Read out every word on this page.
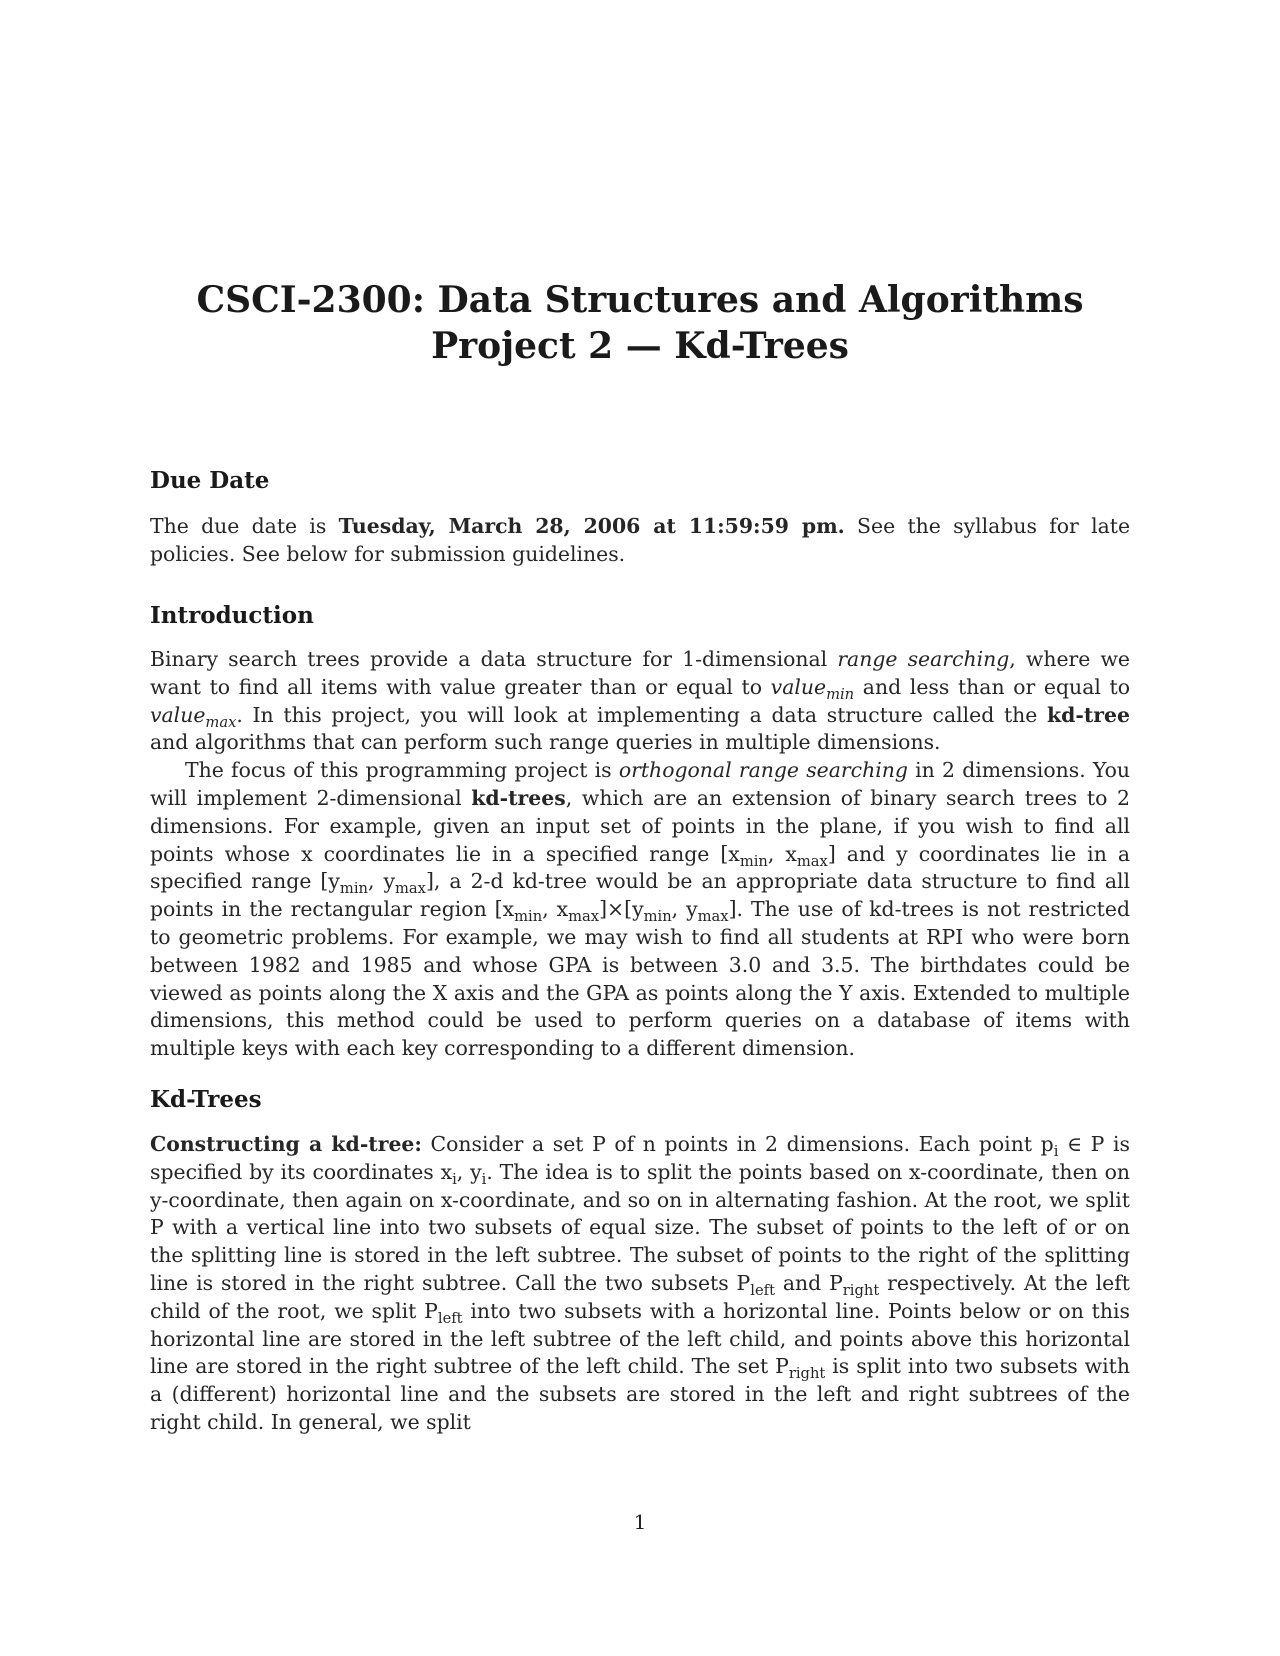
CSCI-2300: Data Structures and Algorithms
Project 2 — Kd-Trees
Due Date

The due date is Tuesday, March 28, 2006 at 11:59:59 pm. See the syllabus for late policies. See below for submission guidelines.

Introduction

Binary search trees provide a data structure for 1-dimensional range searching, where we want to find all items with value greater than or equal to value$_{min}$ and less than or equal to value$_{max}$. In this project, you will look at implementing a data structure called the kd-tree and algorithms that can perform such range queries in multiple dimensions.

The focus of this programming project is orthogonal range searching in 2 dimensions. You will implement 2-dimensional kd-trees, which are an extension of binary search trees to 2 dimensions. For example, given an input set of points in the plane, if you wish to find all points whose x coordinates lie in a specified range [$x_{min}$, $x_{max}$] and y coordinates lie in a specified range [$y_{min}$, $y_{max}$], a 2-d kd-tree would be an appropriate data structure to find all points in the rectangular region [$x_{min}$, $x_{max}]\times[y_{min}$, $y_{max}$]. The use of kd-trees is not restricted to geometric problems. For example, we may wish to find all students at RPI who were born between 1982 and 1985 and whose GPA is between 3.0 and 3.5. The birthdates could be viewed as points along the X axis and the GPA as points along the Y axis. Extended to multiple dimensions, this method could be used to perform queries on a database of items with multiple keys with each key corresponding to a different dimension.

Kd-Trees

Constructing a kd-tree: Consider a set P of n points in 2 dimensions. Each point $p_i$ ∈ P is specified by its coordinates $x_i$, $y_i$. The idea is to split the points based on x-coordinate, then on y-coordinate, then again on x-coordinate, and so on in alternating fashion. At the root, we split P with a vertical line into two subsets of equal size. The subset of points to the left of or on the splitting line is stored in the left subtree. The subset of points to the right of the splitting line is stored in the right subtree. Call the two subsets $P_{left}$ and $P_{right}$ respectively. At the left child of the root, we split $P_{left}$ into two subsets with a horizontal line. Points below or on this horizontal line are stored in the left subtree of the left child, and points above this horizontal line are stored in the right subtree of the left child. The set $P_{right}$ is split into two subsets with a (different) horizontal line and the subsets are stored in the left and right subtrees of the right child. In general, we split

1
